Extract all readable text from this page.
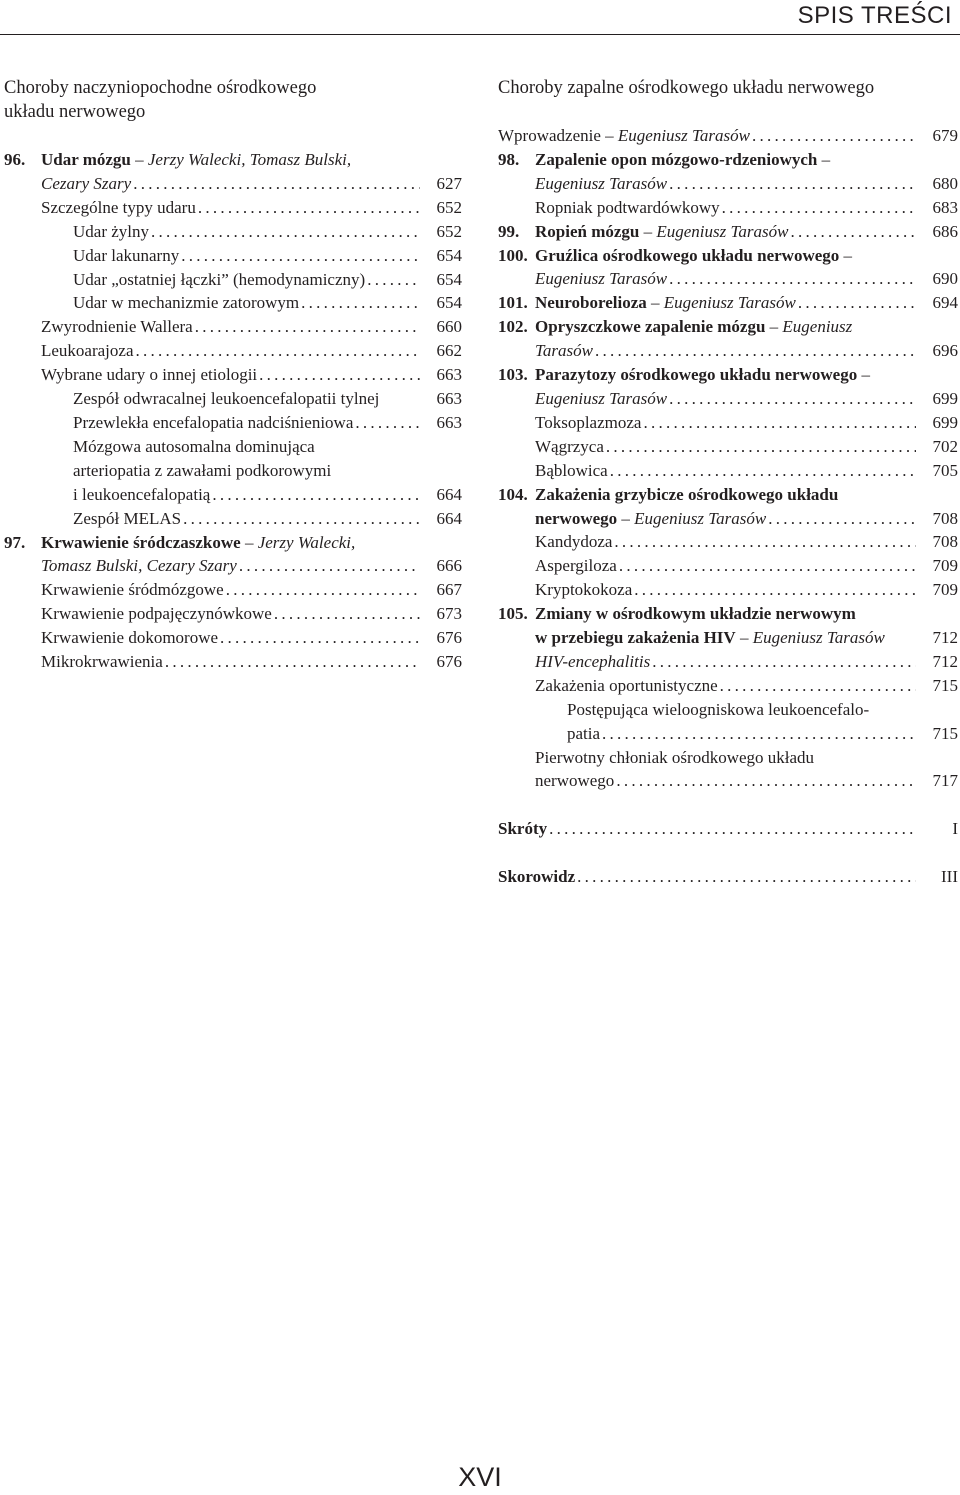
SPIS TREŚCI
Choroby naczyniopochodne ośrodkowego
układu nerwowego
96. Udar mózgu – Jerzy Walecki, Tomasz Bulski,
Cezary Szary . . .	627
Szczególne typy udaru . . .	652
Udar żylny . . .	652
Udar lakunarny . . .	654
Udar „ostatniej łączki” (hemodynamiczny) . . .	654
Udar w mechanizmie zatorowym . . .	654
Zwyrodnienie Wallera . . .	660
Leukoarajoza . . .	662
Wybrane udary o innej etiologii . . .	663
Zespół odwracalnej leukoencefalopatii tylnej	663
Przewlekła encefalopatia nadciśnieniowa . . .	663
Mózgowa autosomalna dominująca
arteriopatia z zawałami podkorowymi
i leukoencefalopatią . . .	664
Zespół MELAS . . .	664
97. Krwawienie śródczaszkowe – Jerzy Walecki,
Tomasz Bulski, Cezary Szary . . .	666
Krwawienie śródmózgowe . . .	667
Krwawienie podpajęczynówkowe . . .	673
Krwawienie dokomorowe . . .	676
Mikrokrwawienia . . .	676
Choroby zapalne ośrodkowego układu nerwowego
Wprowadzenie – Eugeniusz Tarasów . . .	679
98. Zapalenie opon mózgowo-rdzeniowych –
Eugeniusz Tarasów . . .	680
Ropniak podtwardówkowy . . .	683
99. Ropień mózgu – Eugeniusz Tarasów . . .	686
100. Gruźlica ośrodkowego układu nerwowego –
Eugeniusz Tarasów . . .	690
101. Neuroborelioza – Eugeniusz Tarasów . . .	694
102. Opryszczkowe zapalenie mózgu – Eugeniusz
Tarasów . . .	696
103. Parazytozy ośrodkowego układu nerwowego –
Eugeniusz Tarasów . . .	699
Toksoplazmoza . . .	699
Wągrzyca . . .	702
Bąblowica . . .	705
104. Zakażenia grzybicze ośrodkowego układu
nerwowego – Eugeniusz Tarasów . . .	708
Kandydoza . . .	708
Aspergiloza . . .	709
Kryptokokoza . . .	709
105. Zmiany w ośrodkowym układzie nerwowym
w przebiegu zakażenia HIV – Eugeniusz Tarasów	712
HIV-encephalitis . . .	712
Zakażenia oportunistyczne . . .	715
Postępująca wieloogniskowa leukoencefalo-
patia . . .	715
Pierwotny chłoniak ośrodkowego układu
nerwowego . . .	717
Skróty . . .	I
Skorowidz . . .	III
XVI
